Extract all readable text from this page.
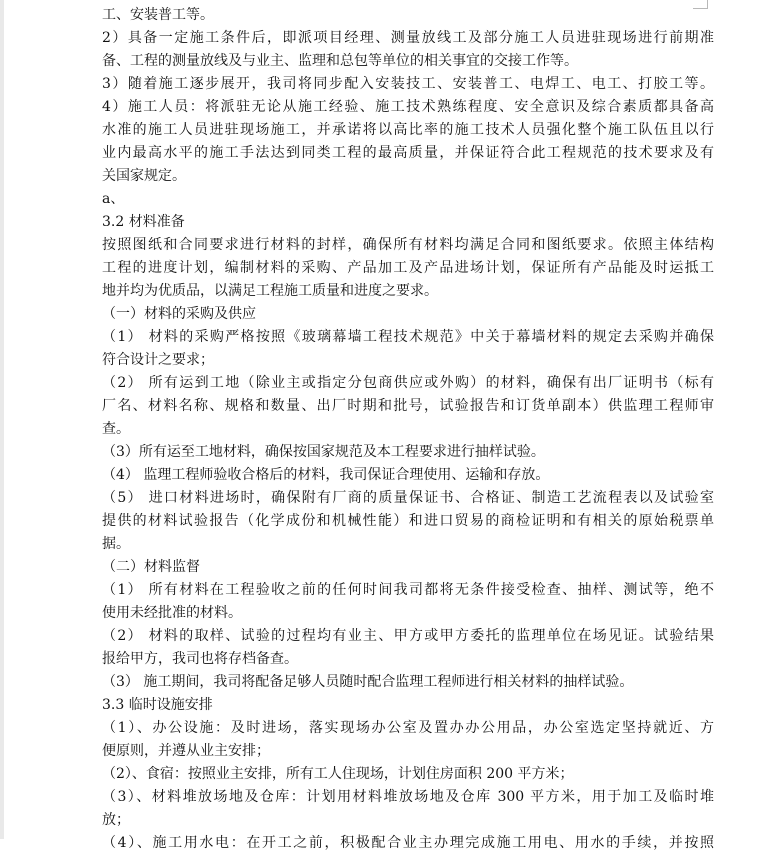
工、安装普工等。
2）具备一定施工条件后，即派项目经理、测量放线工及部分施工人员进驻现场进行前期准
备、工程的测量放线及与业主、监理和总包等单位的相关事宜的交接工作等。
3）随着施工逐步展开，我司将同步配入安装技工、安装普工、电焊工、电工、打胶工等。
4）施工人员：将派驻无论从施工经验、施工技术熟练程度、安全意识及综合素质都具备高
水准的施工人员进驻现场施工，并承诺将以高比率的施工技术人员强化整个施工队伍且以行
业内最高水平的施工手法达到同类工程的最高质量，并保证符合此工程规范的技术要求及有
关国家规定。
a、
3.2 材料准备
按照图纸和合同要求进行材料的封样，确保所有材料均满足合同和图纸要求。依照主体结构
工程的进度计划，编制材料的采购、产品加工及产品进场计划，保证所有产品能及时运抵工
地并均为优质品，以满足工程施工质量和进度之要求。
（一）材料的采购及供应
（1） 材料的采购严格按照《玻璃幕墙工程技术规范》中关于幕墙材料的规定去采购并确保
符合设计之要求；
（2） 所有运到工地（除业主或指定分包商供应或外购）的材料，确保有出厂证明书（标有
厂名、材料名称、规格和数量、出厂时期和批号，试验报告和订货单副本）供监理工程师审
查。
（3）所有运至工地材料，确保按国家规范及本工程要求进行抽样试验。
（4） 监理工程师验收合格后的材料，我司保证合理使用、运输和存放。
（5） 进口材料进场时，确保附有厂商的质量保证书、合格证、制造工艺流程表以及试验室
提供的材料试验报告（化学成份和机械性能）和进口贸易的商检证明和有相关的原始税票单
据。
（二）材料监督
（1） 所有材料在工程验收之前的任何时间我司都将无条件接受检查、抽样、测试等，绝不
使用未经批准的材料。
（2） 材料的取样、试验的过程均有业主、甲方或甲方委托的监理单位在场见证。试验结果
报给甲方，我司也将存档备查。
（3） 施工期间，我司将配备足够人员随时配合监理工程师进行相关材料的抽样试验。
3.3 临时设施安排
（1）、办公设施：及时进场，落实现场办公室及置办办公用品，办公室选定坚持就近、方
便原则，并遵从业主安排；
（2）、食宿：按照业主安排，所有工人住现场，计划住房面积 200 平方米；
（3）、材料堆放场地及仓库：计划用材料堆放场地及仓库 300 平方米，用于加工及临时堆
放；
（4）、施工用水电：在开工之前，积极配合业主办理完成施工用电、用水的手续，并按照
